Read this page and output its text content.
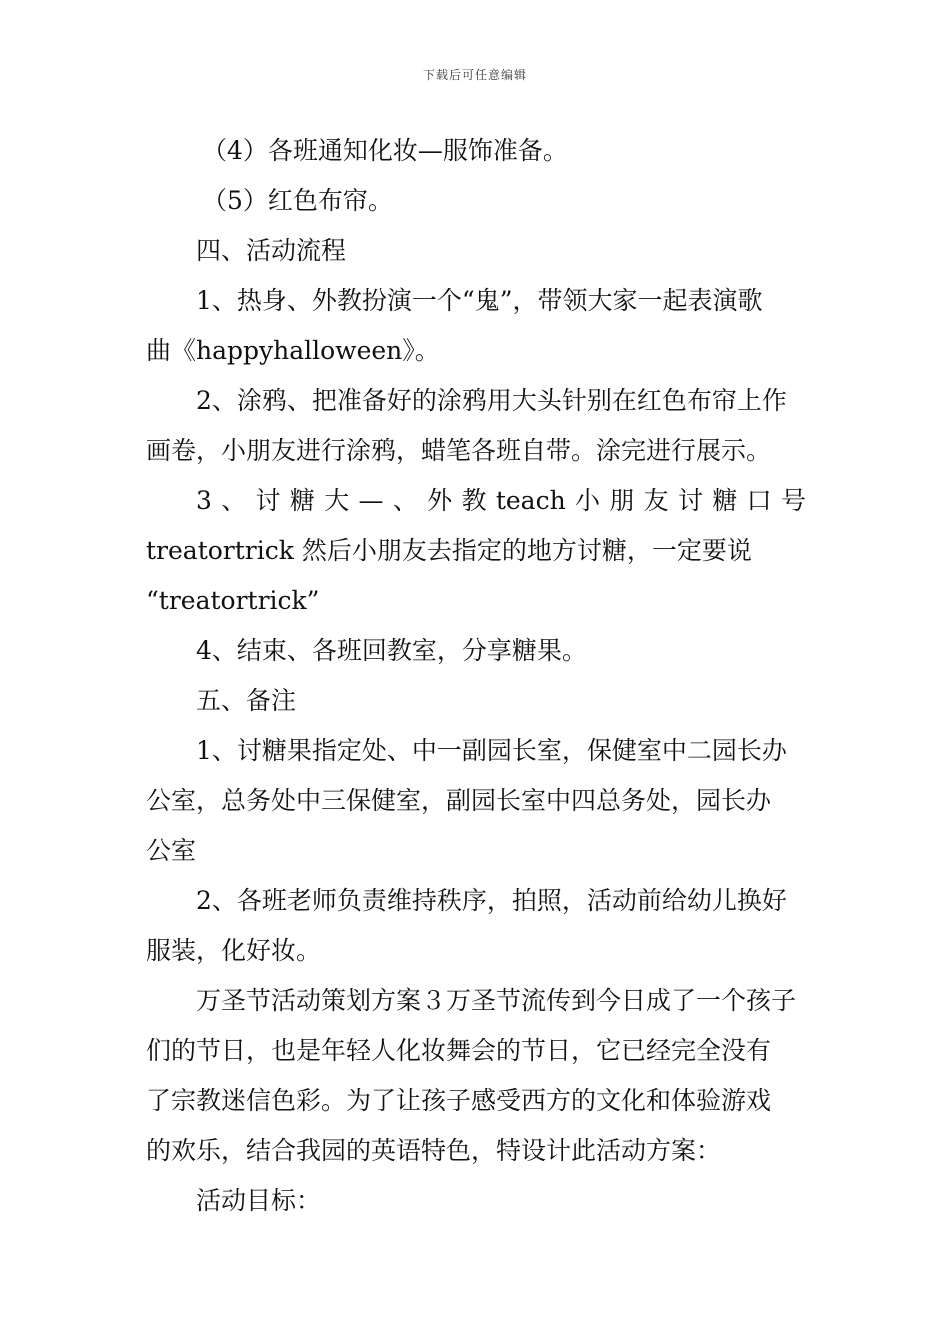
下载后可任意编辑
（4）各班通知化妆—服饰准备。
（5）红色布帘。
四、活动流程
1、热身、外教扮演一个“鬼”，带领大家一起表演歌
曲《happyhalloween》。
2、涂鸦、把准备好的涂鸦用大头针别在红色布帘上作
画卷，小朋友进行涂鸦，蜡笔各班自带。涂完进行展示。
3 、 讨 糖 大 — 、 外 教 teach 小 朋 友 讨 糖 口 号
treatortrick 然后小朋友去指定的地方讨糖，一定要说
“treatortrick”
4、结束、各班回教室，分享糖果。
五、备注
1、讨糖果指定处、中一副园长室，保健室中二园长办
公室，总务处中三保健室，副园长室中四总务处，园长办
公室
2、各班老师负责维持秩序，拍照，活动前给幼儿换好
服装，化好妆。
万圣节活动策划方案３万圣节流传到今日成了一个孩子
们的节日，也是年轻人化妆舞会的节日，它已经完全没有
了宗教迷信色彩。为了让孩子感受西方的文化和体验游戏
的欢乐，结合我园的英语特色，特设计此活动方案：
活动目标：
